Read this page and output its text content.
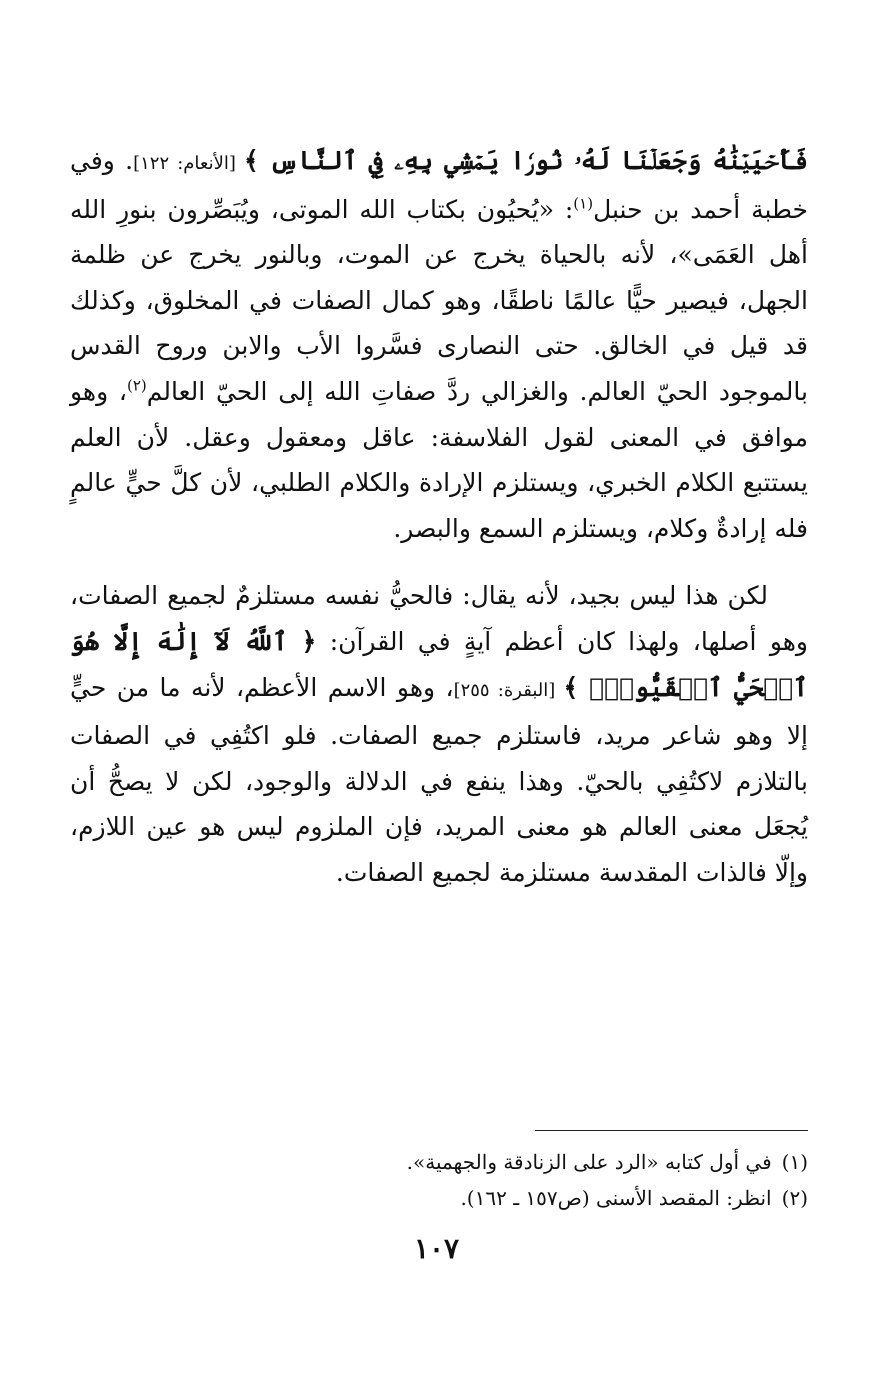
فَأَحۡيَيۡنَٰهُ وَجَعَلۡنَا لَهُۥ نُورٗا يَمۡشِي بِهِۦ فِي ٱلنَّاسِ ﴾ [الأنعام: ١٢٢]. وفي خطبة أحمد بن حنبل$^{(١)}$: «يُحيُون بكتاب الله الموتى، ويُبَصِّرون بنورِ الله أهل العَمَى»، لأنه بالحياة يخرج عن الموت، وبالنور يخرج عن ظلمة الجهل، فيصير حيًّا عالمًا ناطقًا، وهو كمال الصفات في المخلوق، وكذلك قد قيل في الخالق. حتى النصارى فسَّروا الأب والابن وروح القدس بالموجود الحيّ العالم. والغزالي ردَّ صفاتِ الله إلى الحيّ العالم$^{(٢)}$، وهو موافق في المعنى لقول الفلاسفة: عاقل ومعقول وعقل. لأن العلم يستتبع الكلام الخبري، ويستلزم الإرادة والكلام الطلبي، لأن كلَّ حيٍّ عالمٍ فله إرادةٌ وكلام، ويستلزم السمع والبصر.

لكن هذا ليس بجيد، لأنه يقال: فالحيُّ نفسه مستلزمٌ لجميع الصفات، وهو أصلها، ولهذا كان أعظم آيةٍ في القرآن: ﴿ ٱللَّهُ لَآ إِلَٰهَ إِلَّا هُوَ ٱلۡحَيُّ ٱلۡقَيُّومُۚ ﴾ [البقرة: ٢٥٥]، وهو الاسم الأعظم، لأنه ما من حيٍّ إلا وهو شاعر مريد، فاستلزم جميع الصفات. فلو اكتُفِي في الصفات بالتلازم لاكتُفِي بالحيّ. وهذا ينفع في الدلالة والوجود، لكن لا يصحُّ أن يُجعَل معنى العالم هو معنى المريد، فإن الملزوم ليس هو عين اللازم، وإلّا فالذات المقدسة مستلزمة لجميع الصفات.

(١)في أول كتابه «الرد على الزنادقة والجهمية».

(٢)انظر: المقصد الأسنى (ص١٥٧ ـ ١٦٢).

١٠٧
